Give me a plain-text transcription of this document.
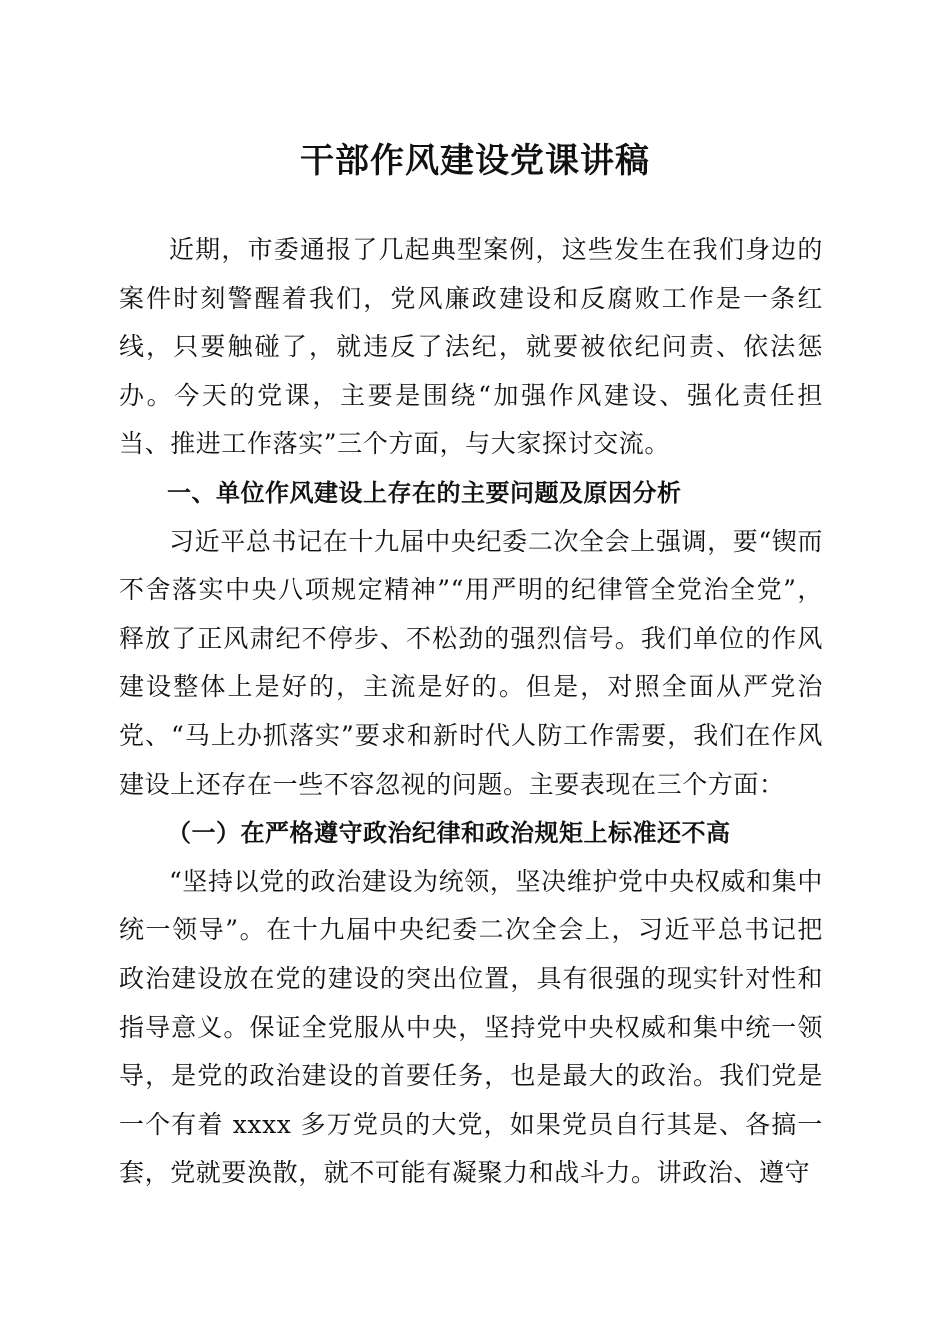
干部作风建设党课讲稿

近期，市委通报了几起典型案例，这些发生在我们身边的案件时刻警醒着我们，党风廉政建设和反腐败工作是一条红线，只要触碰了，就违反了法纪，就要被依纪问责、依法惩办。今天的党课，主要是围绕“加强作风建设、强化责任担当、推进工作落实”三个方面，与大家探讨交流。

一、单位作风建设上存在的主要问题及原因分析

习近平总书记在十九届中央纪委二次全会上强调，要“锲而不舍落实中央八项规定精神”“用严明的纪律管全党治全党”，释放了正风肃纪不停步、不松劲的强烈信号。我们单位的作风建设整体上是好的，主流是好的。但是，对照全面从严党治党、“马上办抓落实”要求和新时代人防工作需要，我们在作风建设上还存在一些不容忽视的问题。主要表现在三个方面：

（一）在严格遵守政治纪律和政治规矩上标准还不高

“坚持以党的政治建设为统领，坚决维护党中央权威和集中统一领导”。在十九届中央纪委二次全会上，习近平总书记把政治建设放在党的建设的突出位置，具有很强的现实针对性和指导意义。保证全党服从中央，坚持党中央权威和集中统一领导，是党的政治建设的首要任务，也是最大的政治。我们党是一个有着 xxxx 多万党员的大党，如果党员自行其是、各搞一套，党就要涣散，就不可能有凝聚力和战斗力。讲政治、遵守
